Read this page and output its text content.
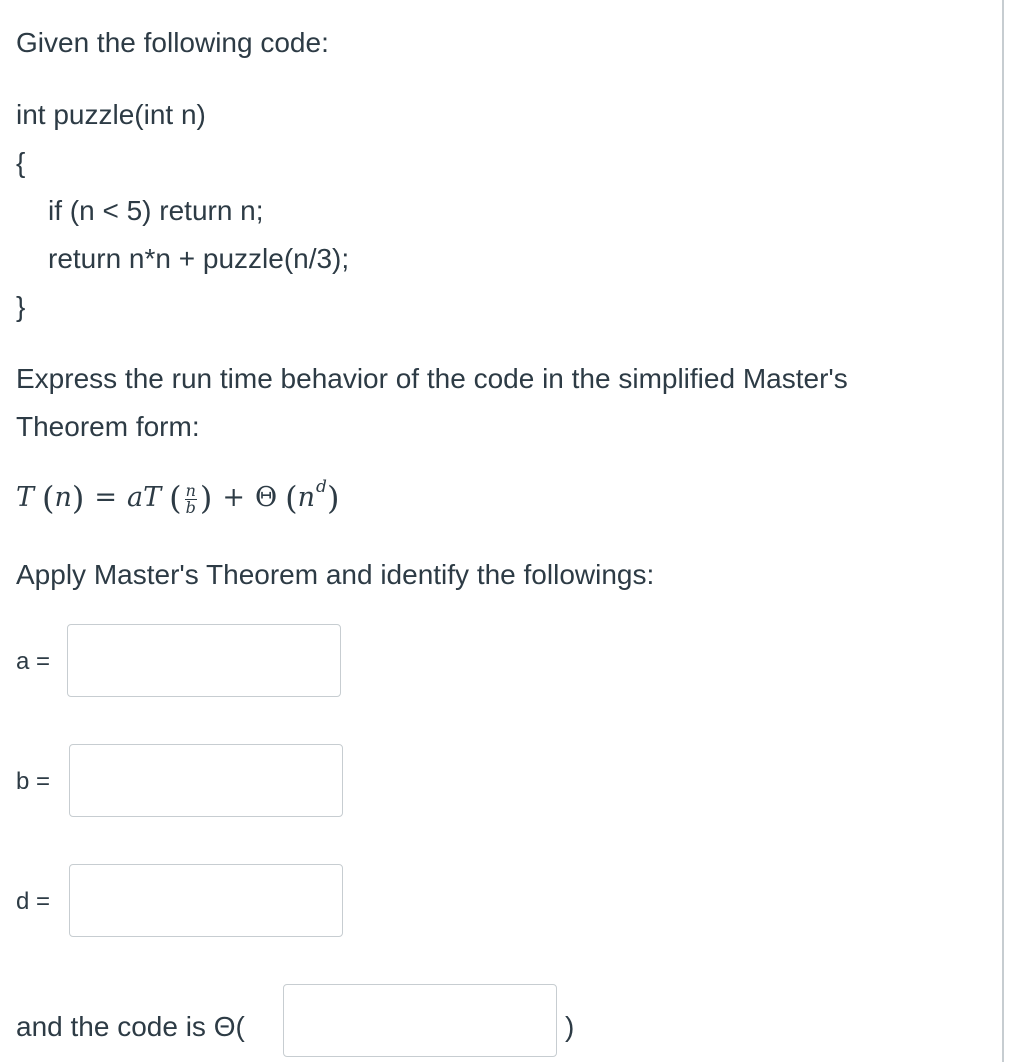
Given the following code:
int puzzle(int n)
{
if (n < 5) return n;
return n*n + puzzle(n/3);
}
Express the run time behavior of the code in the simplified Master's
Theorem form:
T ( n ) = a T ( $\frac{n}{b}$ ) + Θ ( n d )
Apply Master's Theorem and identify the followings:
a =
b =
d =
and the code is Θ(	)
